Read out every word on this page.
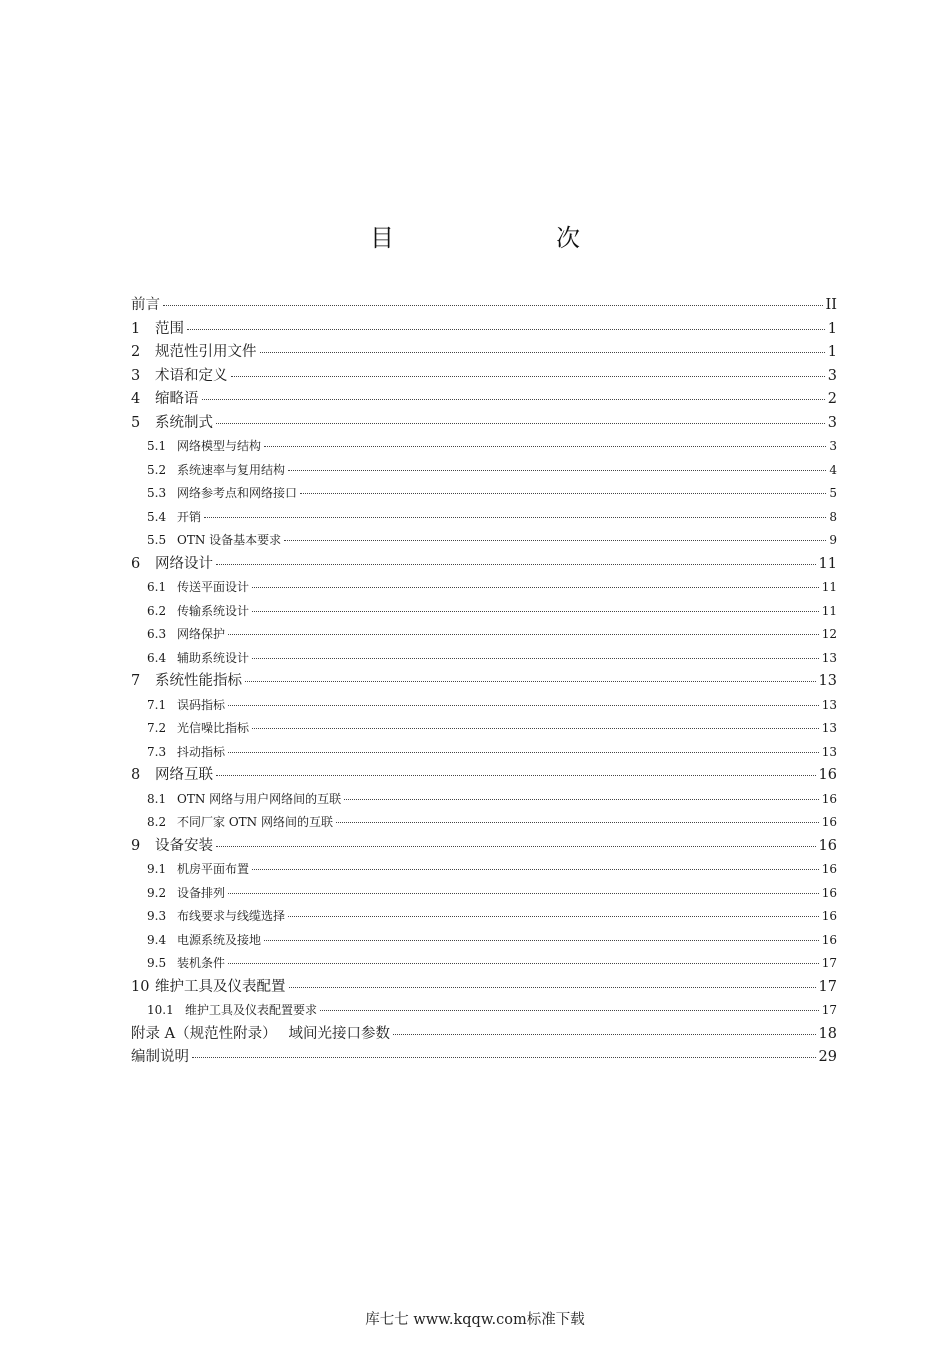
目　　次
前言	II
1	范围	1
2	规范性引用文件	1
3	术语和定义	3
4	缩略语	2
5	系统制式	3
5.1 网络模型与结构	3
5.2 系统速率与复用结构	4
5.3 网络参考点和网络接口	5
5.4 开销	8
5.5 OTN 设备基本要求	9
6	网络设计	11
6.1 传送平面设计	11
6.2 传输系统设计	11
6.3 网络保护	12
6.4 辅助系统设计	13
7	系统性能指标	13
7.1 误码指标	13
7.2 光信噪比指标	13
7.3 抖动指标	13
8	网络互联	16
8.1 OTN 网络与用户网络间的互联	16
8.2 不同厂家 OTN 网络间的互联	16
9	设备安装	16
9.1 机房平面布置	16
9.2 设备排列	16
9.3 布线要求与线缆选择	16
9.4 电源系统及接地	16
9.5 装机条件	17
10 维护工具及仪表配置	17
10.1 维护工具及仪表配置要求	17
附录 A（规范性附录）　 域间光接口参数	18
编制说明	29
库七七 www.kqqw.com标准下载
